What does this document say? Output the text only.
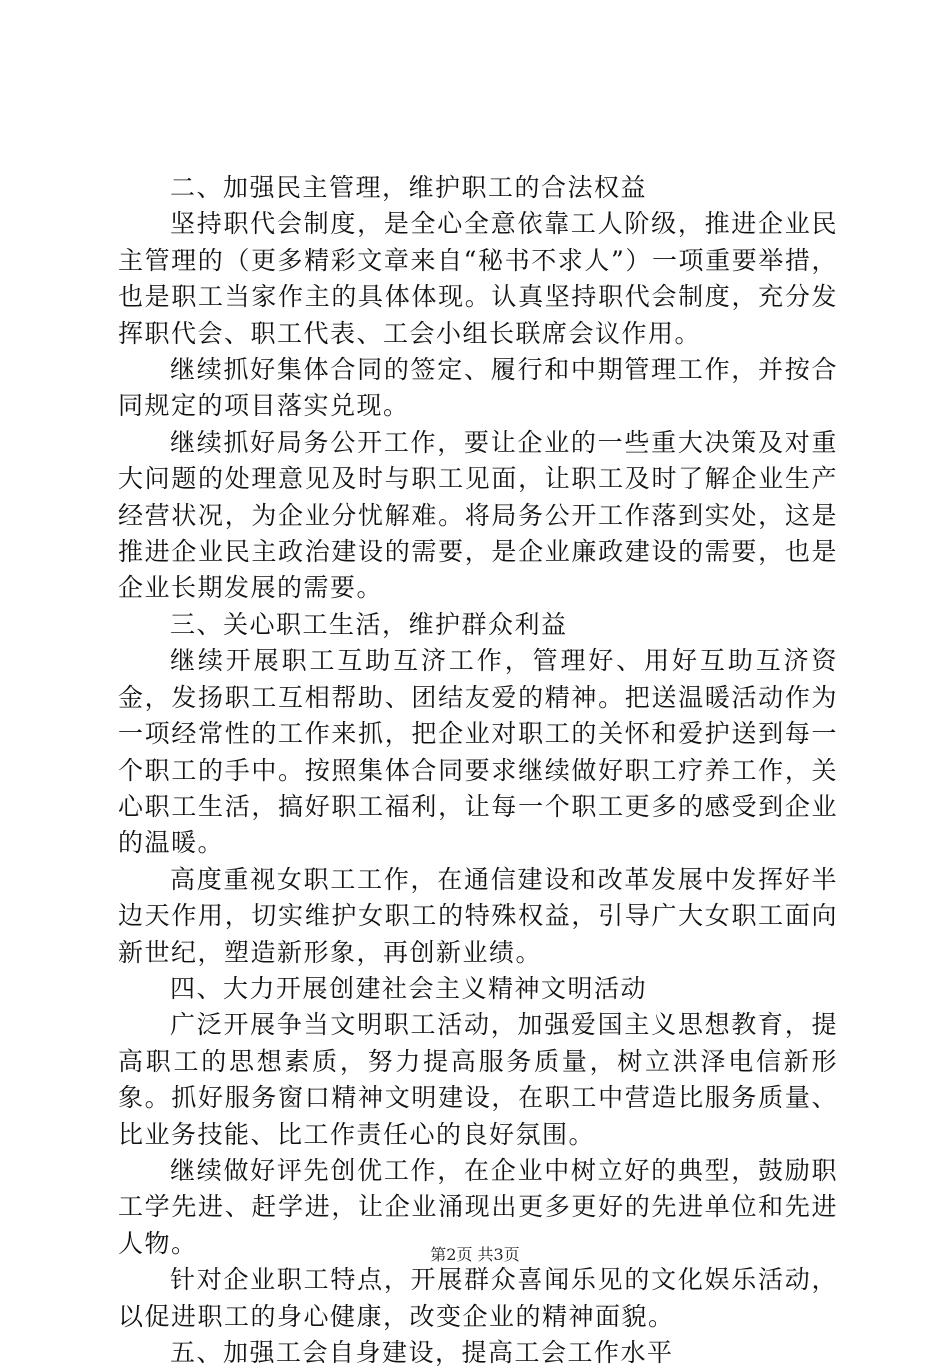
二、加强民主管理，维护职工的合法权益

坚持职代会制度，是全心全意依靠工人阶级，推进企业民主管理的（更多精彩文章来自“秘书不求人”）一项重要举措，也是职工当家作主的具体体现。认真坚持职代会制度，充分发挥职代会、职工代表、工会小组长联席会议作用。

继续抓好集体合同的签定、履行和中期管理工作，并按合同规定的项目落实兑现。

继续抓好局务公开工作，要让企业的一些重大决策及对重大问题的处理意见及时与职工见面，让职工及时了解企业生产经营状况，为企业分忧解难。将局务公开工作落到实处，这是推进企业民主政治建设的需要，是企业廉政建设的需要，也是企业长期发展的需要。

三、关心职工生活，维护群众利益

继续开展职工互助互济工作，管理好、用好互助互济资金，发扬职工互相帮助、团结友爱的精神。把送温暖活动作为一项经常性的工作来抓，把企业对职工的关怀和爱护送到每一个职工的手中。按照集体合同要求继续做好职工疗养工作，关心职工生活，搞好职工福利，让每一个职工更多的感受到企业的温暖。

高度重视女职工工作，在通信建设和改革发展中发挥好半边天作用，切实维护女职工的特殊权益，引导广大女职工面向新世纪，塑造新形象，再创新业绩。

四、大力开展创建社会主义精神文明活动

广泛开展争当文明职工活动，加强爱国主义思想教育，提高职工的思想素质，努力提高服务质量，树立洪泽电信新形象。抓好服务窗口精神文明建设，在职工中营造比服务质量、比业务技能、比工作责任心的良好氛围。

继续做好评先创优工作，在企业中树立好的典型，鼓励职工学先进、赶学进，让企业涌现出更多更好的先进单位和先进人物。

针对企业职工特点，开展群众喜闻乐见的文化娱乐活动，以促进职工的身心健康，改变企业的精神面貌。

五、加强工会自身建设，提高工会工作水平

第2页 共3页
